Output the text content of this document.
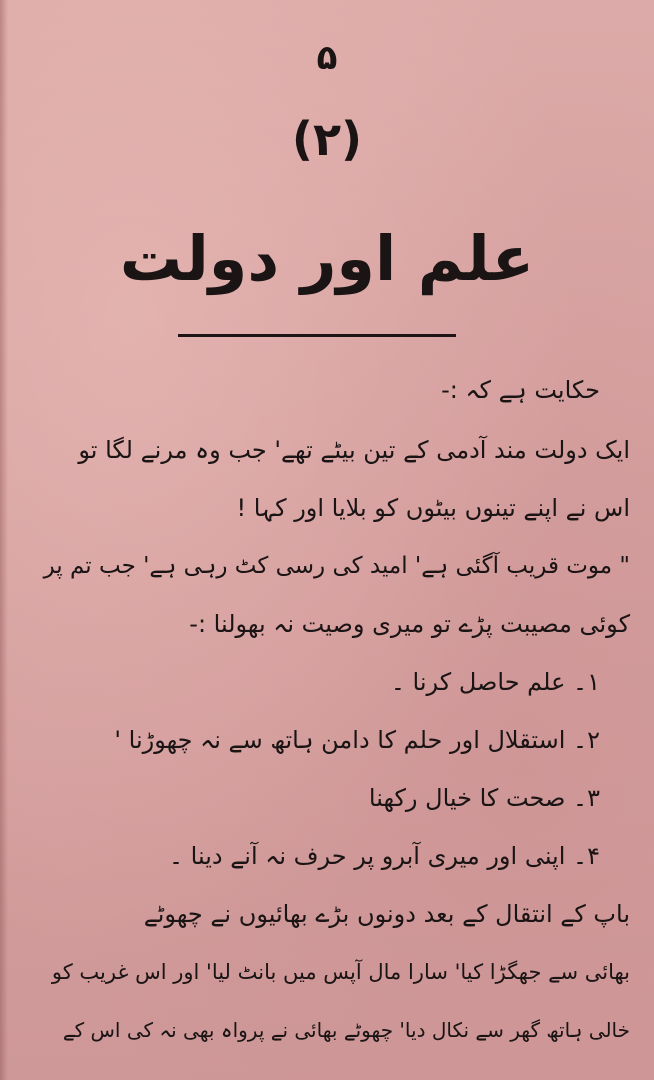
۵
(۲)
علم اور دولت
حکایت ہے کہ :-
ایک دولت مند آدمی کے تین بیٹے تھے' جب وہ مرنے لگا تو
اس نے اپنے تینوں بیٹوں کو بلایا اور کہا !
" موت قریب آگئی ہے' امید کی رسی کٹ رہی ہے' جب تم پر
کوئی مصیبت پڑے تو میری وصیت نہ بھولنا :-
۱۔ علم حاصل کرنا ۔
۲۔ استقلال اور حلم کا دامن ہاتھ سے نہ چھوڑنا '
۳۔ صحت کا خیال رکھنا
۴۔ اپنی اور میری آبرو پر حرف نہ آنے دینا ۔
باپ کے انتقال کے بعد دونوں بڑے بھائیوں نے چھوٹے
بھائی سے جھگڑا کیا' سارا مال آپس میں بانٹ لیا' اور اس غریب کو
خالی ہاتھ گھر سے نکال دیا' چھوٹے بھائی نے پرواہ بھی نہ کی اس کے
